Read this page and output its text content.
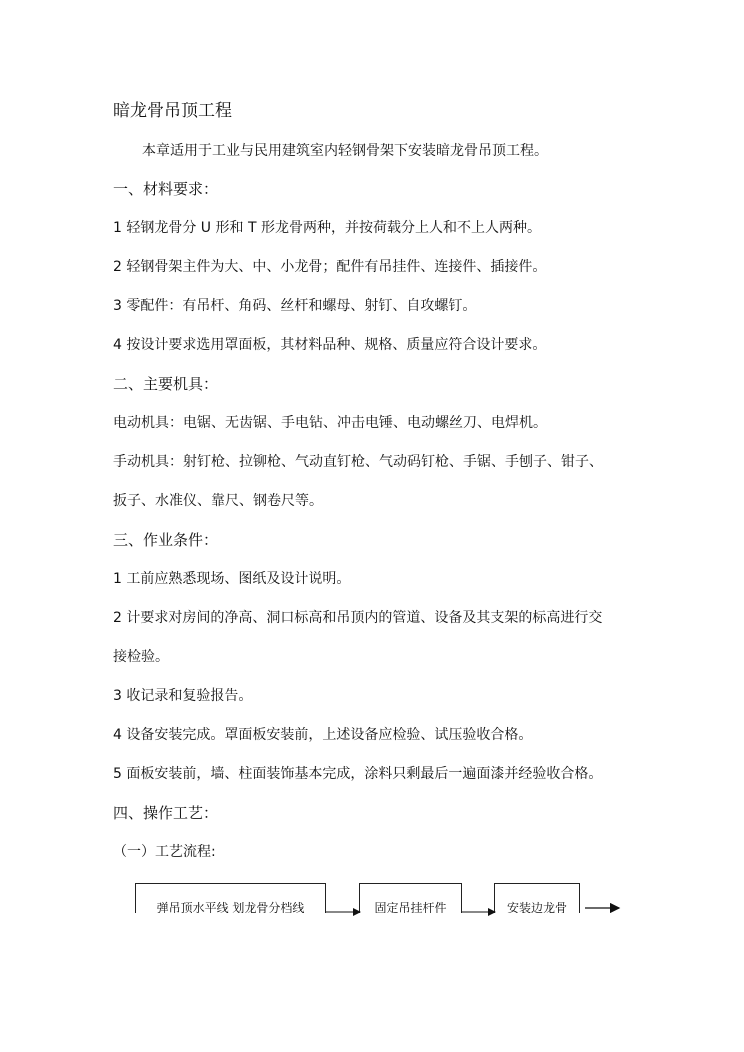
暗龙骨吊顶工程
本章适用于工业与民用建筑室内轻钢骨架下安装暗龙骨吊顶工程。
一、材料要求：
1 轻钢龙骨分 U 形和 T 形龙骨两种，并按荷载分上人和不上人两种。
2 轻钢骨架主件为大、中、小龙骨；配件有吊挂件、连接件、插接件。
3 零配件：有吊杆、角码、丝杆和螺母、射钉、自攻螺钉。
4 按设计要求选用罩面板，其材料品种、规格、质量应符合设计要求。
二、主要机具：
电动机具：电锯、无齿锯、手电钻、冲击电锤、电动螺丝刀、电焊机。
手动机具：射钉枪、拉铆枪、气动直钉枪、气动码钉枪、手锯、手刨子、钳子、
扳子、水准仪、靠尺、钢卷尺等。
三、作业条件：
1 工前应熟悉现场、图纸及设计说明。
2 计要求对房间的净高、洞口标高和吊顶内的管道、设备及其支架的标高进行交
接检验。
3 收记录和复验报告。
4 设备安装完成。罩面板安装前，上述设备应检验、试压验收合格。
5 面板安装前，墙、柱面装饰基本完成，涂料只剩最后一遍面漆并经验收合格。
四、操作工艺：
（一）工艺流程:
弹吊顶水平线 划龙骨分档线	固定吊挂杆件	安装边龙骨
